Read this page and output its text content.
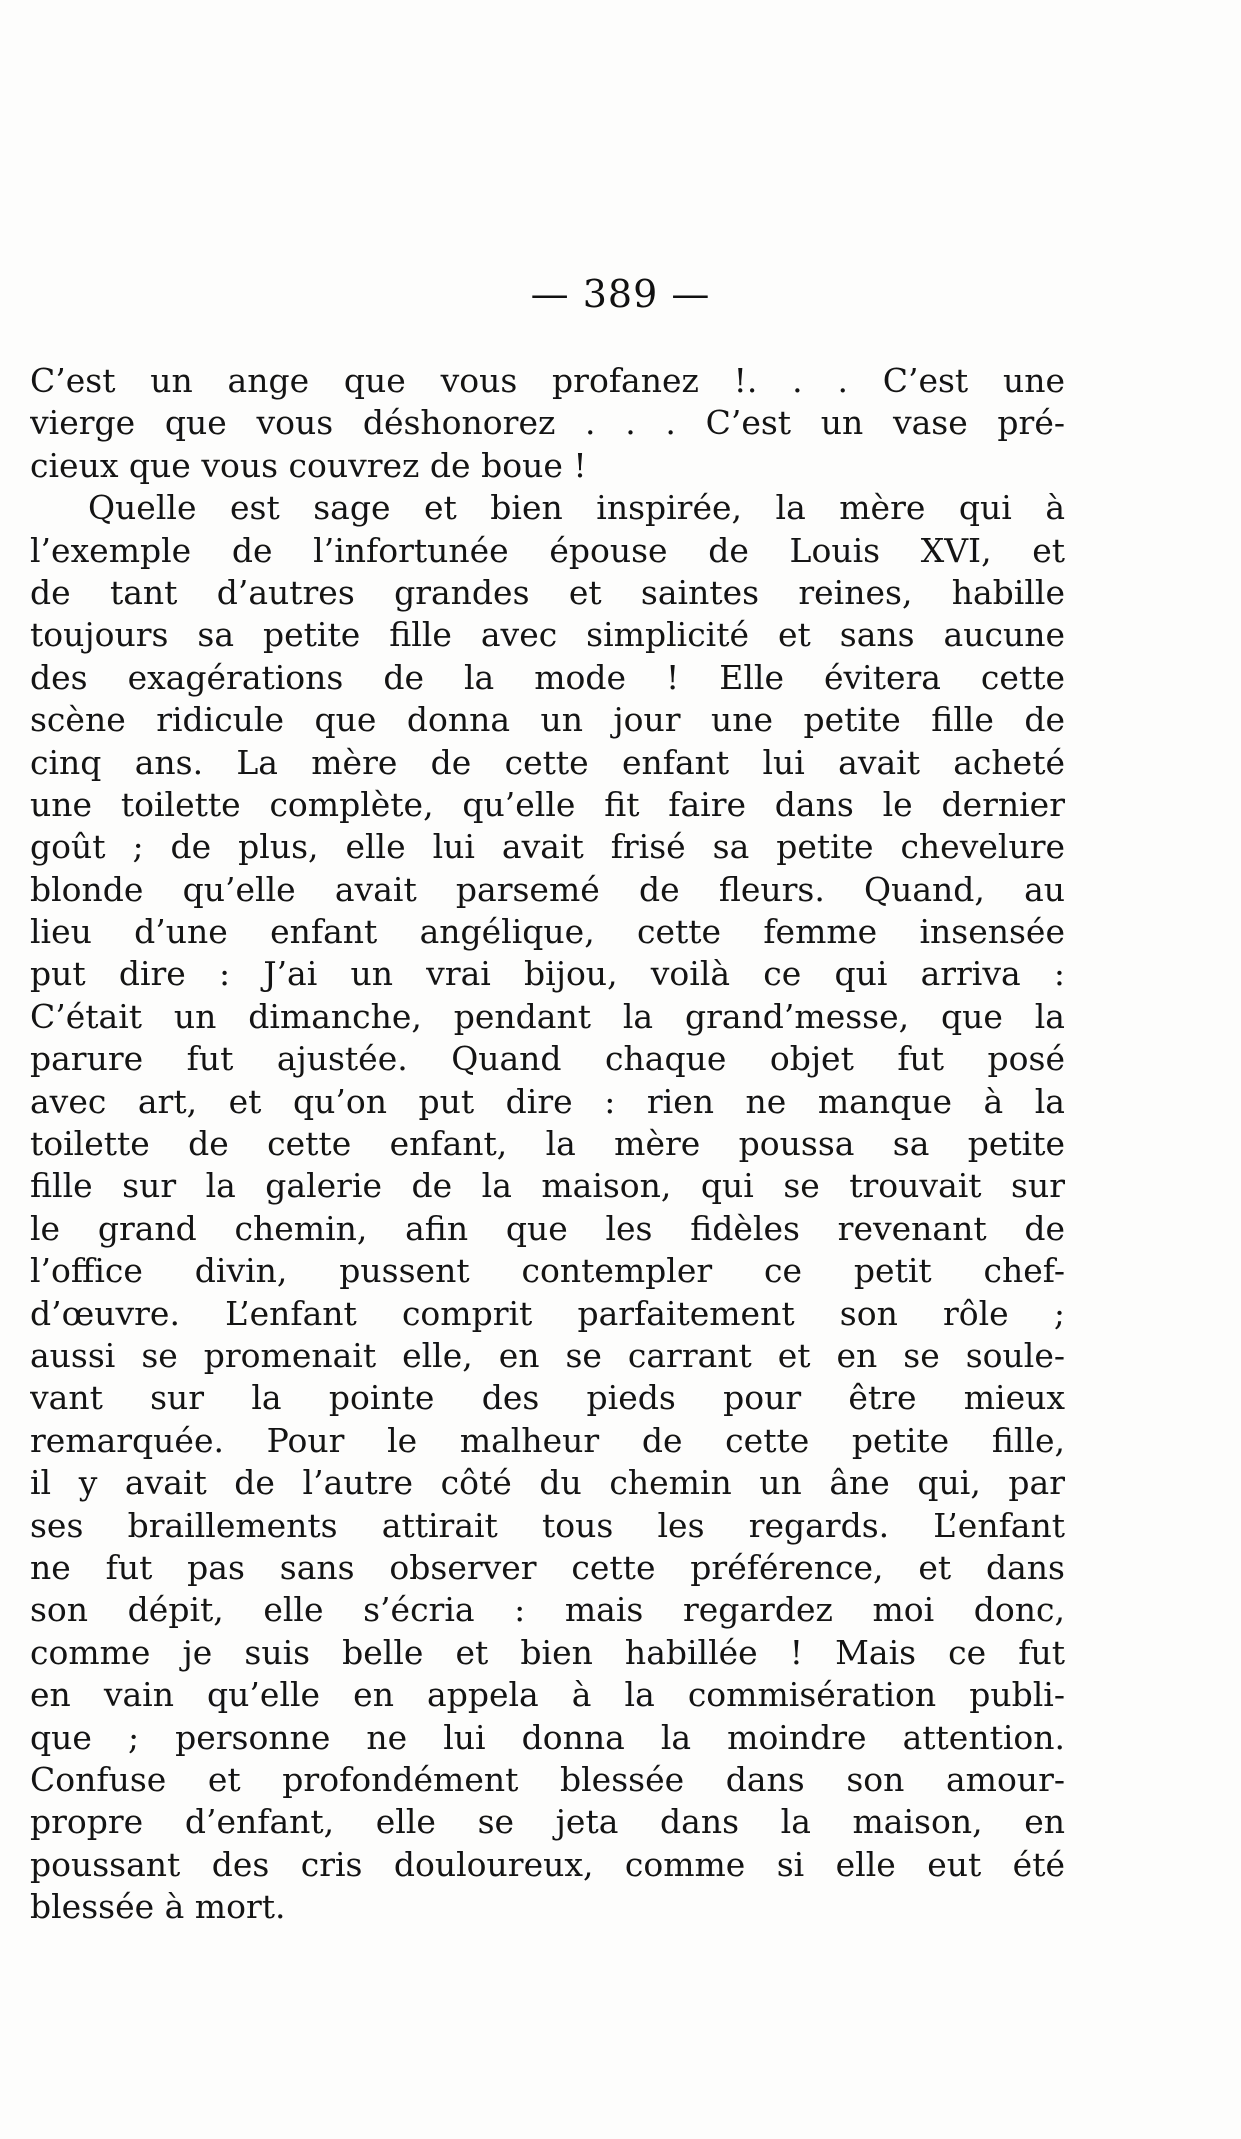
— 389 —
C’est un ange que vous profanez !. . . C’est une
vierge que vous déshonorez . . . C’est un vase pré-
cieux que vous couvrez de boue !
Quelle est sage et bien inspirée, la mère qui à
l’exemple de l’infortunée épouse de Louis XVI, et
de tant d’autres grandes et saintes reines, habille
toujours sa petite fille avec simplicité et sans aucune
des exagérations de la mode ! Elle évitera cette
scène ridicule que donna un jour une petite fille de
cinq ans. La mère de cette enfant lui avait acheté
une toilette complète, qu’elle fit faire dans le dernier
goût ; de plus, elle lui avait frisé sa petite chevelure
blonde qu’elle avait parsemé de fleurs. Quand, au
lieu d’une enfant angélique, cette femme insensée
put dire : J’ai un vrai bijou, voilà ce qui arriva :
C’était un dimanche, pendant la grand’messe, que la
parure fut ajustée. Quand chaque objet fut posé
avec art, et qu’on put dire : rien ne manque à la
toilette de cette enfant, la mère poussa sa petite
fille sur la galerie de la maison, qui se trouvait sur
le grand chemin, afin que les fidèles revenant de
l’office divin, pussent contempler ce petit chef-
d’œuvre. L’enfant comprit parfaitement son rôle ;
aussi se promenait elle, en se carrant et en se soule-
vant sur la pointe des pieds pour être mieux
remarquée. Pour le malheur de cette petite fille,
il y avait de l’autre côté du chemin un âne qui, par
ses braillements attirait tous les regards. L’enfant
ne fut pas sans observer cette préférence, et dans
son dépit, elle s’écria : mais regardez moi donc,
comme je suis belle et bien habillée ! Mais ce fut
en vain qu’elle en appela à la commisération publi-
que ; personne ne lui donna la moindre attention.
Confuse et profondément blessée dans son amour-
propre d’enfant, elle se jeta dans la maison, en
poussant des cris douloureux, comme si elle eut été
blessée à mort.
